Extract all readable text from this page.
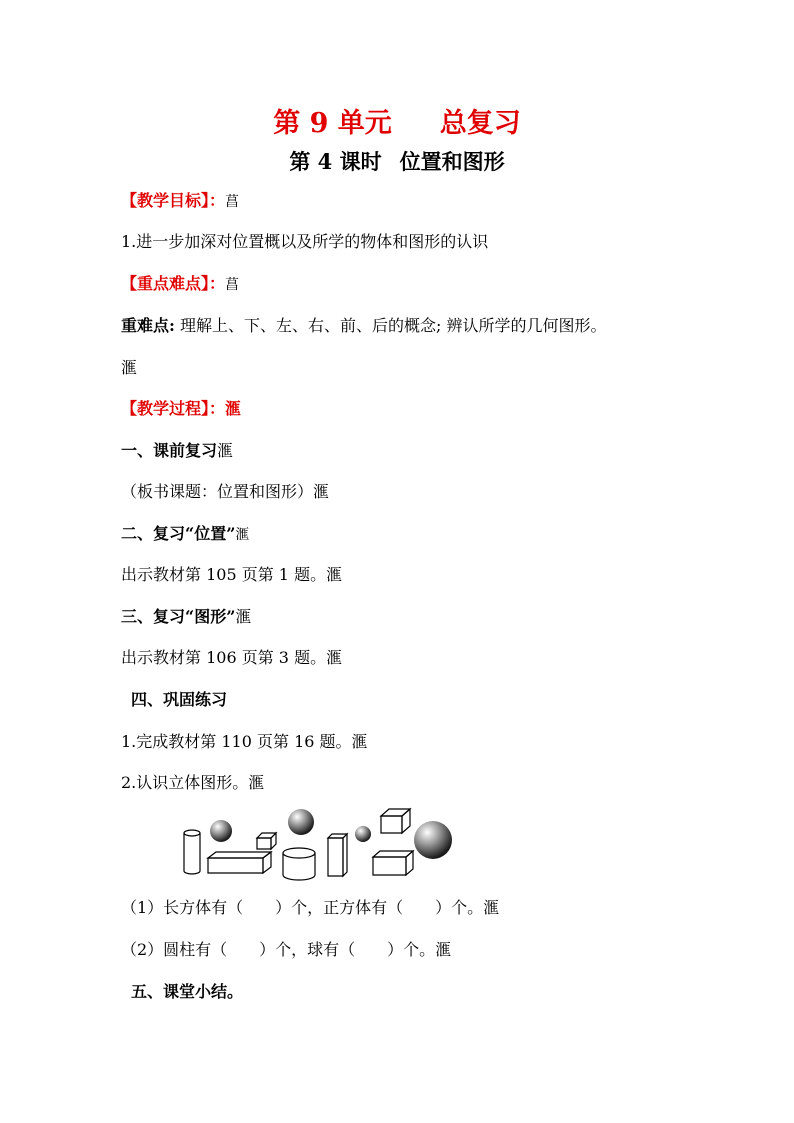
第 9 单元 总复习
第 4 课时 位置和图形
【教学目标】：菖
1.进一步加深对位置概以及所学的物体和图形的认识
【重点难点】：菖
重难点: 理解上、下、左、右、前、后的概念; 辨认所学的几何图形。
滙
【教学过程】：滙
一、课前复习滙
（板书课题：位置和图形）滙
二、复习“位置”滙
出示教材第 105 页第 1 题。滙
三、复习“图形”滙
出示教材第 106 页第 3 题。滙
四、巩固练习
1.完成教材第 110 页第 16 题。滙
2.认识立体图形。滙
（1）长方体有（　　）个，正方体有（　　）个。滙
（2）圆柱有（　　）个，球有（　　）个。滙
五、课堂小结。
